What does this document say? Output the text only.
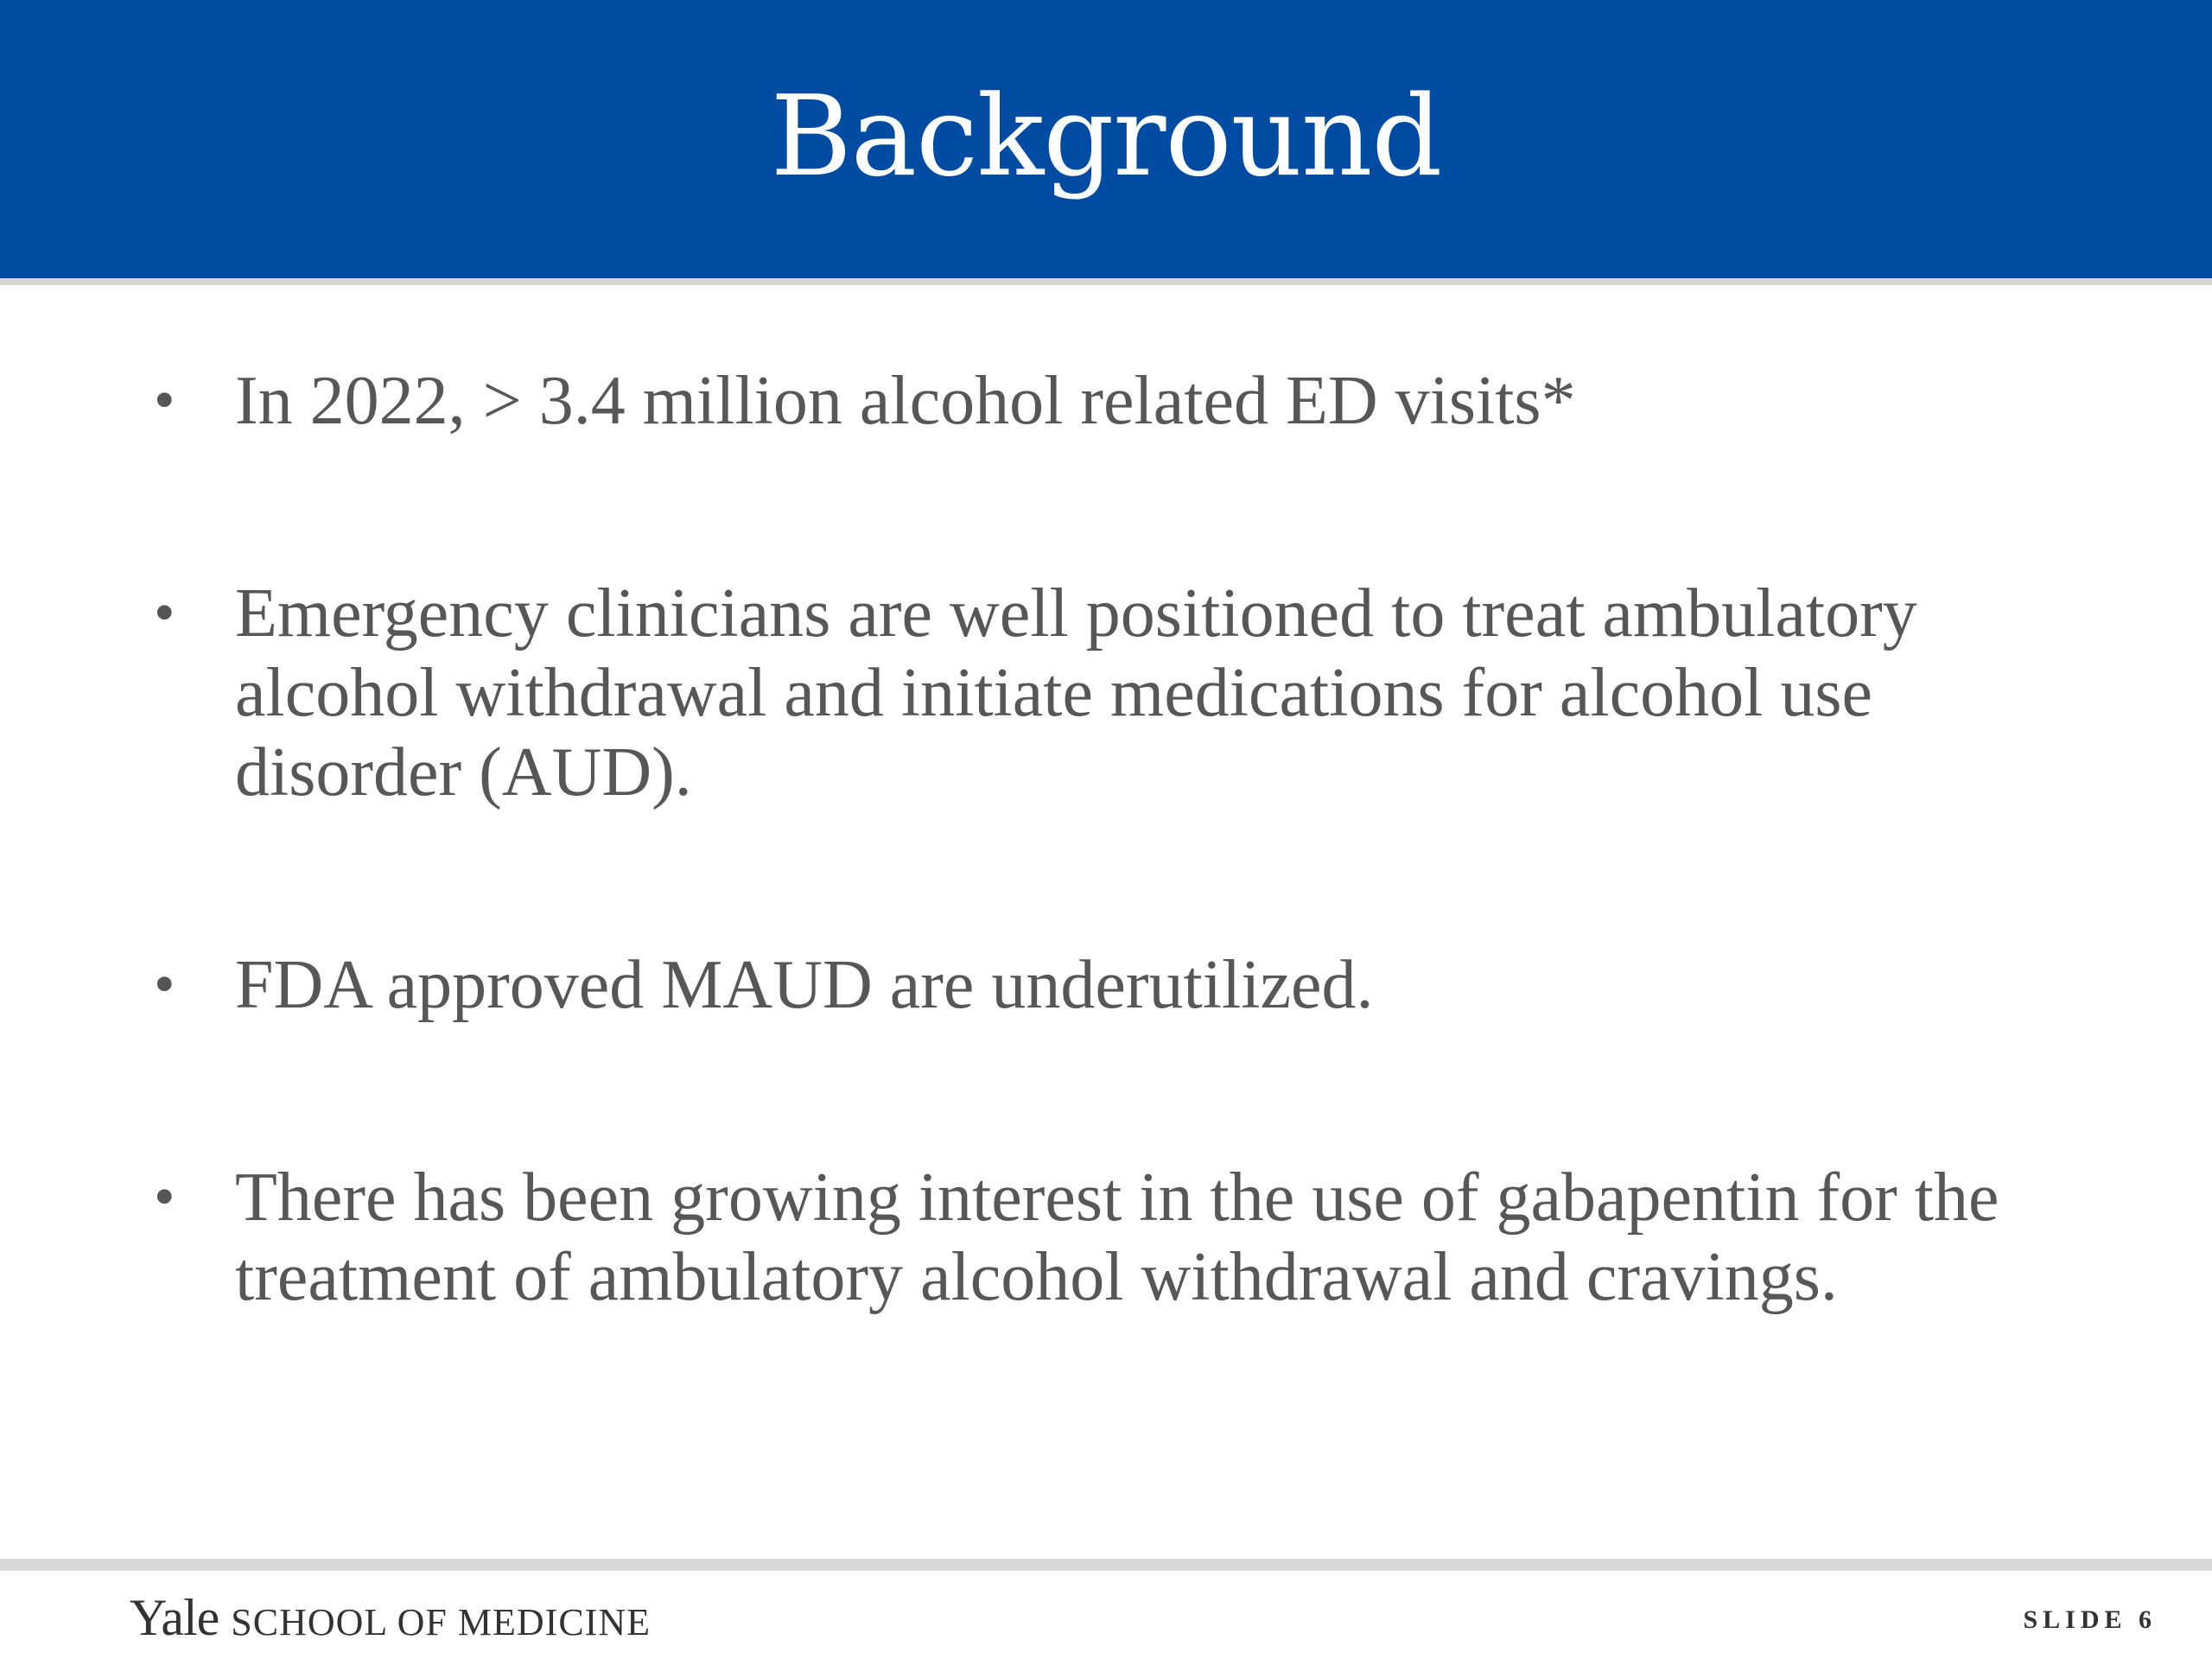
Background
• In 2022, > 3.4 million alcohol related ED visits*
• Emergency clinicians are well positioned to treat ambulatory alcohol withdrawal and initiate medications for alcohol use disorder (AUD).
• FDA approved MAUD are underutilized.
• There has been growing interest in the use of gabapentin for the treatment of ambulatory alcohol withdrawal and cravings.
Yale SCHOOL OF MEDICINE	SLIDE 6
